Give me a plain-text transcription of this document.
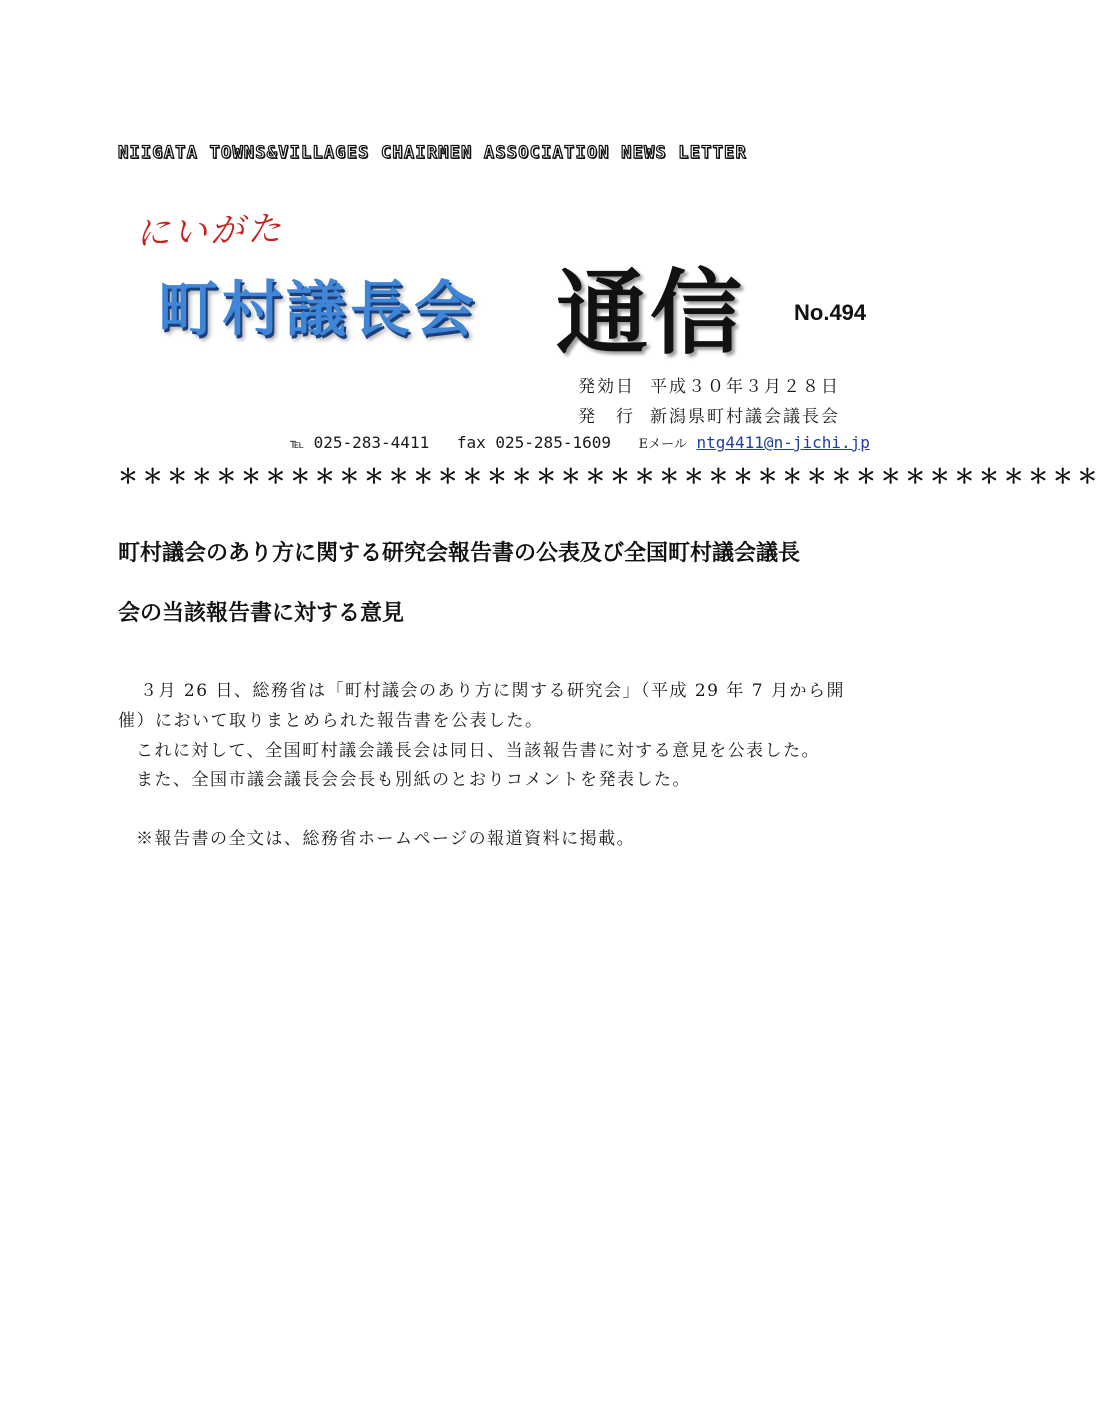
NIIGATA TOWNS&VILLAGES CHAIRMEN ASSOCIATION NEWS LETTER
にいがた
町村議長会 通信 No.494
発効日 平成３０年３月２８日
発　行 新潟県町村議会議長会
℡ 025-283-4411 fax 025-285-1609 Eメール ntg4411@n-jichi.jp
＊＊＊＊＊＊＊＊＊＊＊＊＊＊＊＊＊＊＊＊＊＊＊＊＊＊＊＊＊＊＊＊＊＊＊＊＊＊＊＊
町村議会のあり方に関する研究会報告書の公表及び全国町村議会議長
会の当該報告書に対する意見
３月 26 日、総務省は「町村議会のあり方に関する研究会」（平成 29 年 7 月から開
催）において取りまとめられた報告書を公表した。
これに対して、全国町村議会議長会は同日、当該報告書に対する意見を公表した。
また、全国市議会議長会会長も別紙のとおりコメントを発表した。
※報告書の全文は、総務省ホームページの報道資料に掲載。
